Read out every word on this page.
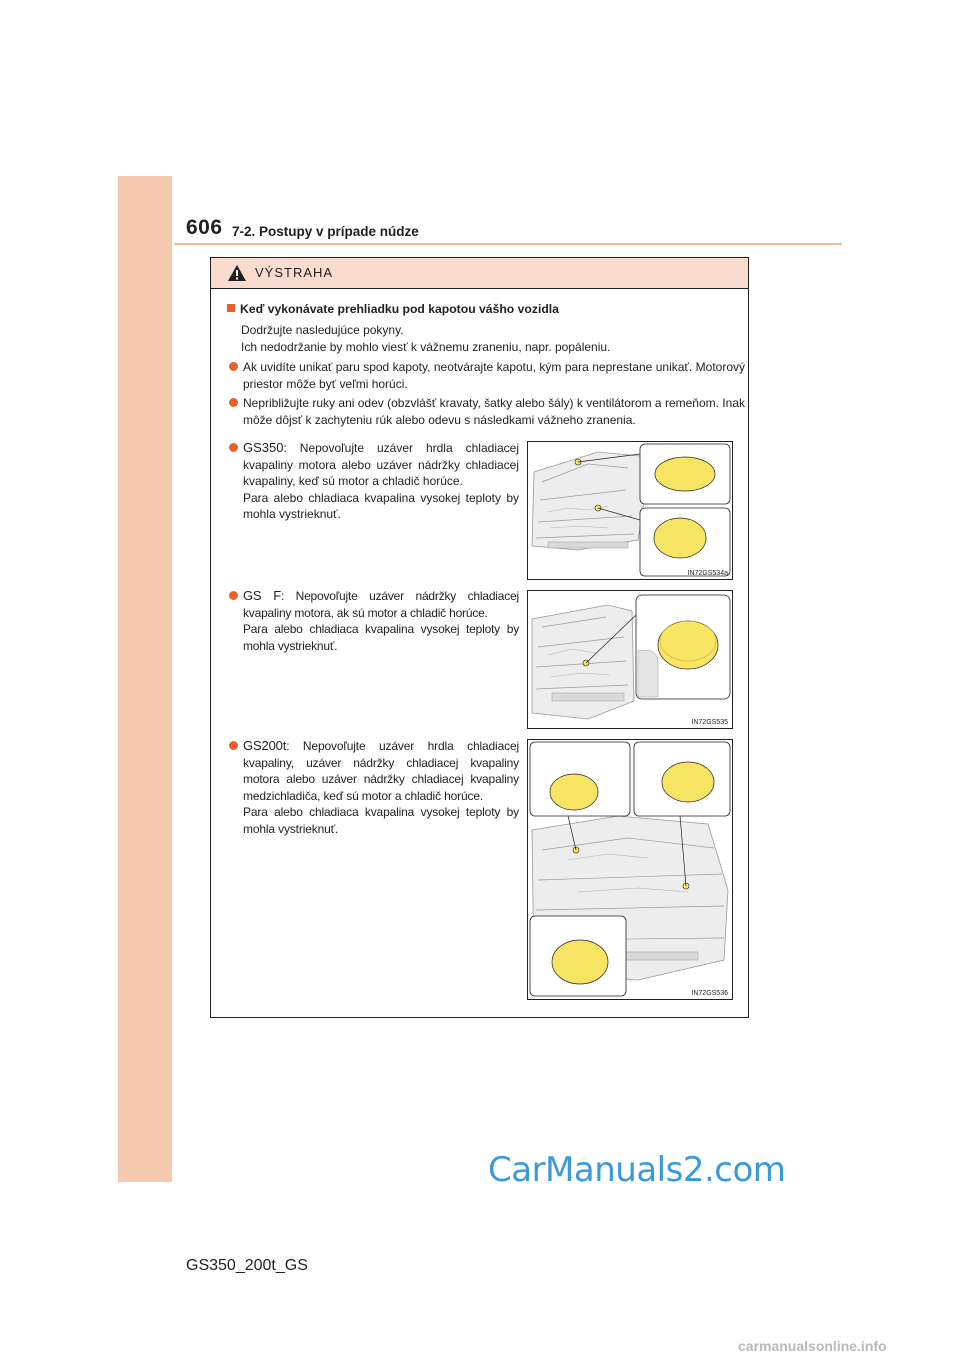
606 7-2. Postupy v prípade núdze
VÝSTRAHA
Keď vykonávate prehliadku pod kapotou vášho vozidla
Dodržujte nasledujúce pokyny.
Ich nedodržanie by mohlo viesť k vážnemu zraneniu, napr. popáleniu.
Ak uvidíte unikať paru spod kapoty, neotvárajte kapotu, kým para neprestane unikať. Motorový priestor môže byť veľmi horúci.
Nepribližujte ruky ani odev (obzvlášť kravaty, šatky alebo šály) k ventilátorom a remeňom. Inak môže dôjsť k zachyteniu rúk alebo odevu s následkami vážneho zranenia.
GS350: Nepovoľujte uzáver hrdla chladiacej kvapaliny motora alebo uzáver nádržky chladiacej kvapaliny, keď sú motor a chladič horúce.
Para alebo chladiaca kvapalina vysokej teploty by mohla vystrieknuť.
IN72GS534a
GS F: Nepovoľujte uzáver nádržky chladiacej kvapaliny motora, ak sú motor a chladič horúce.
Para alebo chladiaca kvapalina vysokej teploty by mohla vystrieknuť.
IN72GS535
GS200t: Nepovoľujte uzáver hrdla chladiacej kvapaliny, uzáver nádržky chladiacej kvapaliny motora alebo uzáver nádržky chladiacej kvapaliny medzichladiča, keď sú motor a chladič horúce.
Para alebo chladiaca kvapalina vysokej teploty by mohla vystrieknuť.
IN72GS536
GS350_200t_GS
CarManuals2.com
carmanualsonline.info
